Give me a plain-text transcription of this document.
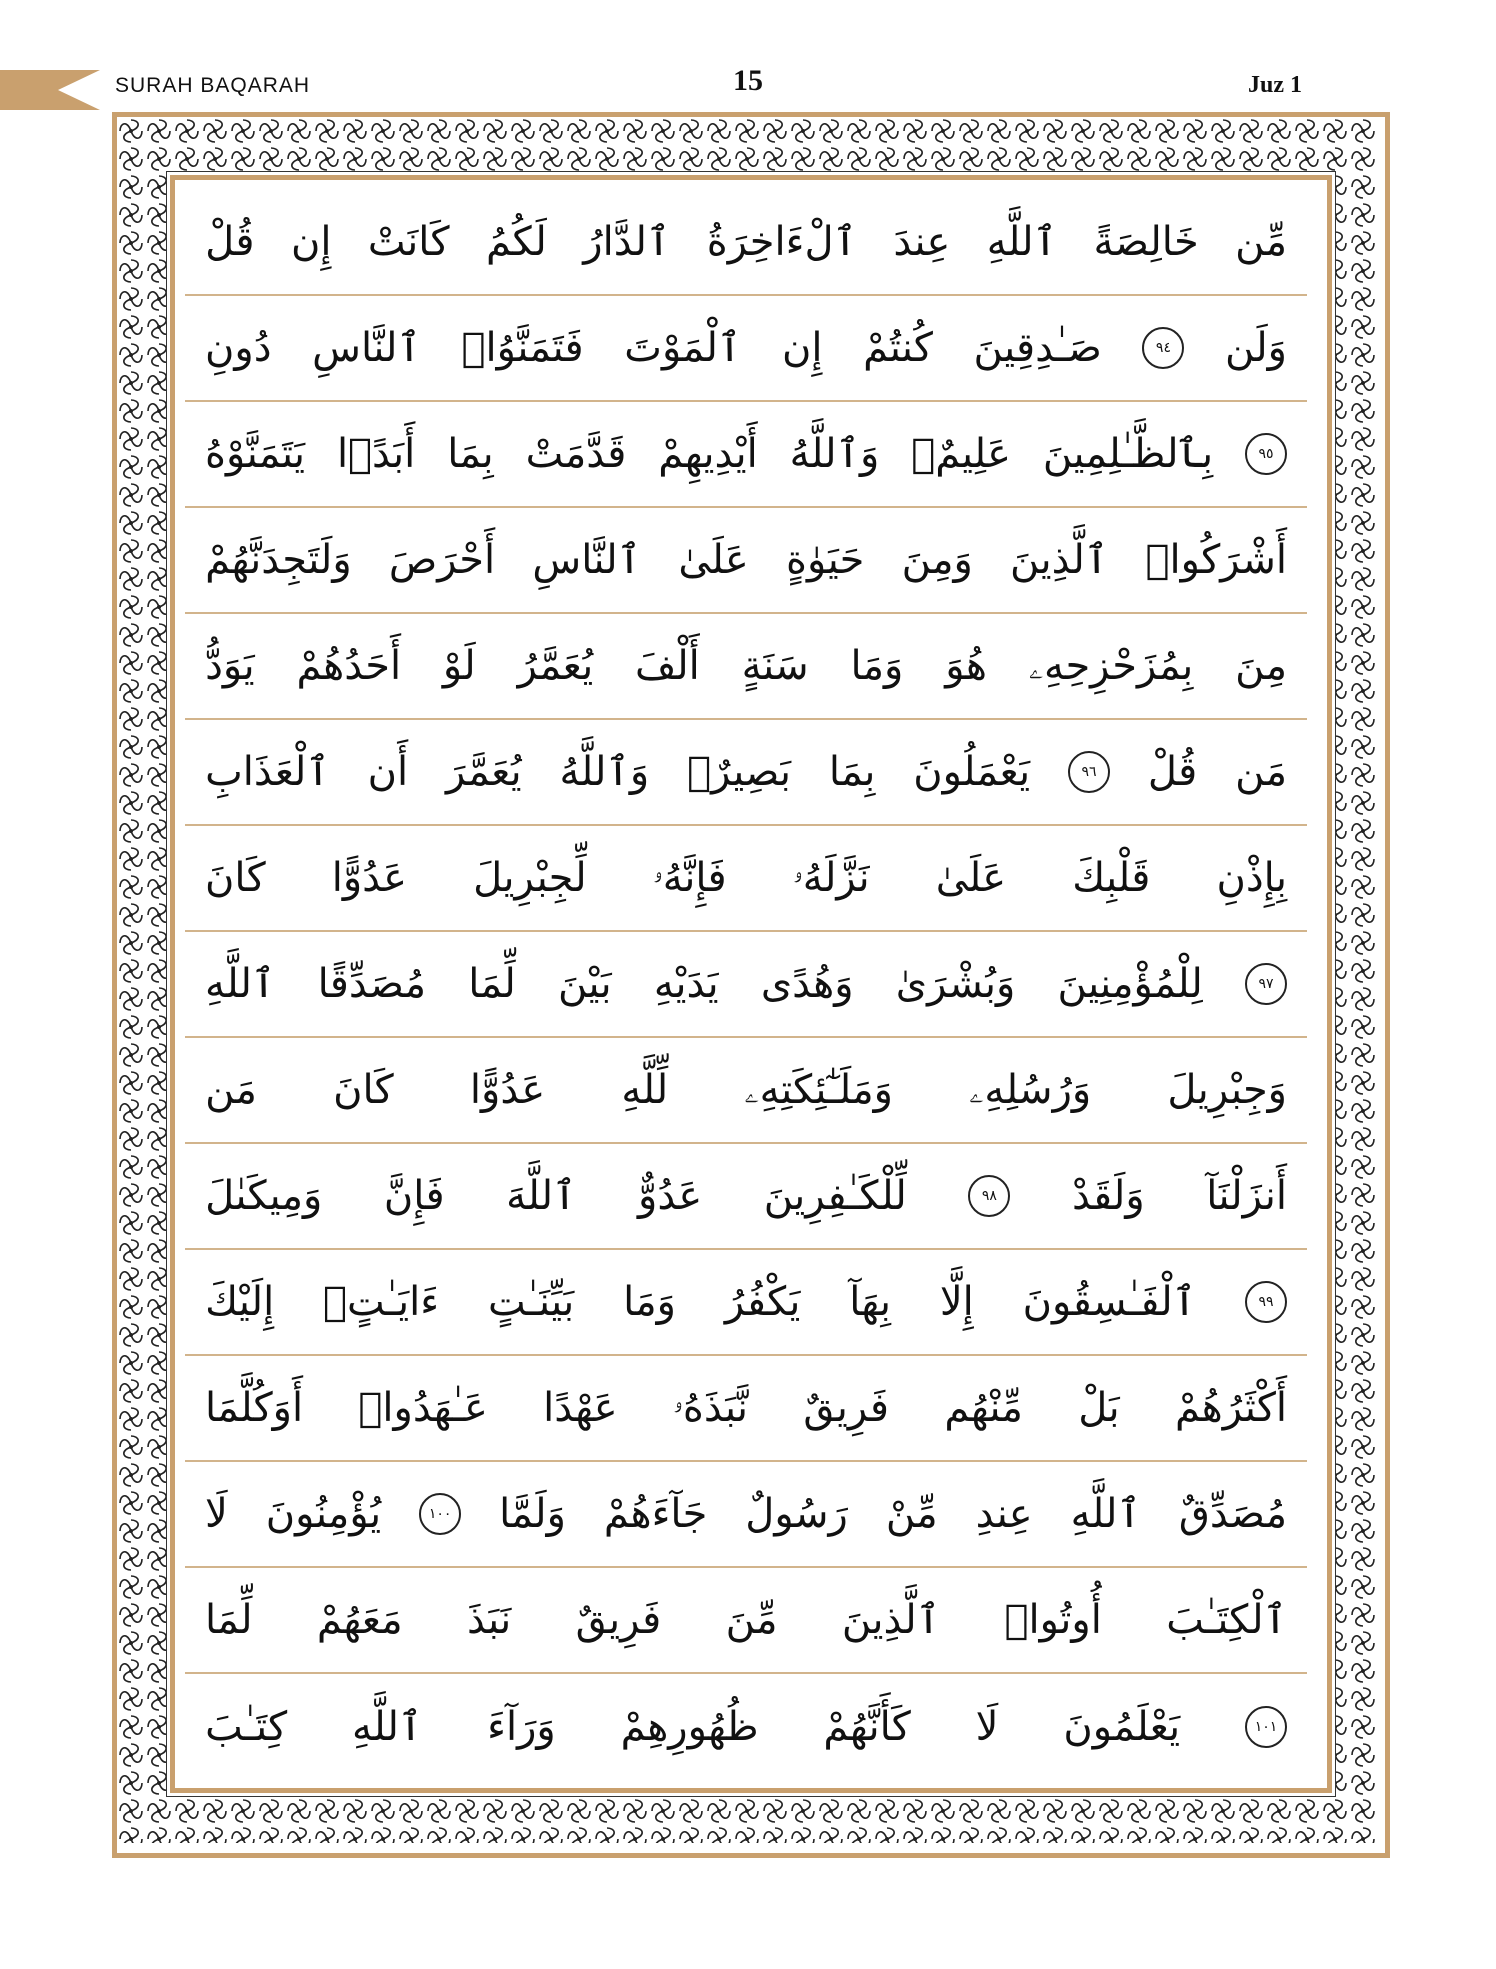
SURAH BAQARAH	15	Juz 1
قُلْ إِن كَانَتْ لَكُمُ ٱلدَّارُ ٱلْءَاخِرَةُ عِندَ ٱللَّهِ خَالِصَةً مِّن
دُونِ ٱلنَّاسِ فَتَمَنَّوُا۟ ٱلْمَوْتَ إِن كُنتُمْ صَـٰدِقِينَ	٩٤	وَلَن
يَتَمَنَّوْهُ أَبَدًۢا بِمَا قَدَّمَتْ أَيْدِيهِمْ وَٱللَّهُ عَلِيمٌۢ بِٱلظَّـٰلِمِينَ	٩٥
وَلَتَجِدَنَّهُمْ أَحْرَصَ ٱلنَّاسِ عَلَىٰ حَيَوٰةٍ وَمِنَ ٱلَّذِينَ أَشْرَكُوا۟
يَوَدُّ أَحَدُهُمْ لَوْ يُعَمَّرُ أَلْفَ سَنَةٍ وَمَا هُوَ بِمُزَحْزِحِهِۦ مِنَ
ٱلْعَذَابِ أَن يُعَمَّرَ وَٱللَّهُ بَصِيرٌۢ بِمَا يَعْمَلُونَ	٩٦	قُلْ مَن
كَانَ عَدُوًّا لِّجِبْرِيلَ فَإِنَّهُۥ نَزَّلَهُۥ عَلَىٰ قَلْبِكَ بِإِذْنِ
ٱللَّهِ مُصَدِّقًا لِّمَا بَيْنَ يَدَيْهِ وَهُدًى وَبُشْرَىٰ لِلْمُؤْمِنِينَ	٩٧
مَن كَانَ عَدُوًّا لِّلَّهِ وَمَلَـٰٓئِكَتِهِۦ وَرُسُلِهِۦ وَجِبْرِيلَ
وَمِيكَىٰلَ فَإِنَّ ٱللَّهَ عَدُوٌّ لِّلْكَـٰفِرِينَ	٩٨	وَلَقَدْ أَنزَلْنَآ
إِلَيْكَ ءَايَـٰتٍۭ بَيِّنَـٰتٍ وَمَا يَكْفُرُ بِهَآ إِلَّا ٱلْفَـٰسِقُونَ	٩٩
أَوَكُلَّمَا عَـٰهَدُوا۟ عَهْدًا نَّبَذَهُۥ فَرِيقٌ مِّنْهُم بَلْ أَكْثَرُهُمْ
لَا يُؤْمِنُونَ	١٠٠ وَلَمَّا جَآءَهُمْ رَسُولٌ مِّنْ عِندِ ٱللَّهِ مُصَدِّقٌ
لِّمَا مَعَهُمْ نَبَذَ فَرِيقٌ مِّنَ ٱلَّذِينَ أُوتُوا۟ ٱلْكِتَـٰبَ
كِتَـٰبَ ٱللَّهِ وَرَآءَ ظُهُورِهِمْ كَأَنَّهُمْ لَا يَعْلَمُونَ	١٠١
